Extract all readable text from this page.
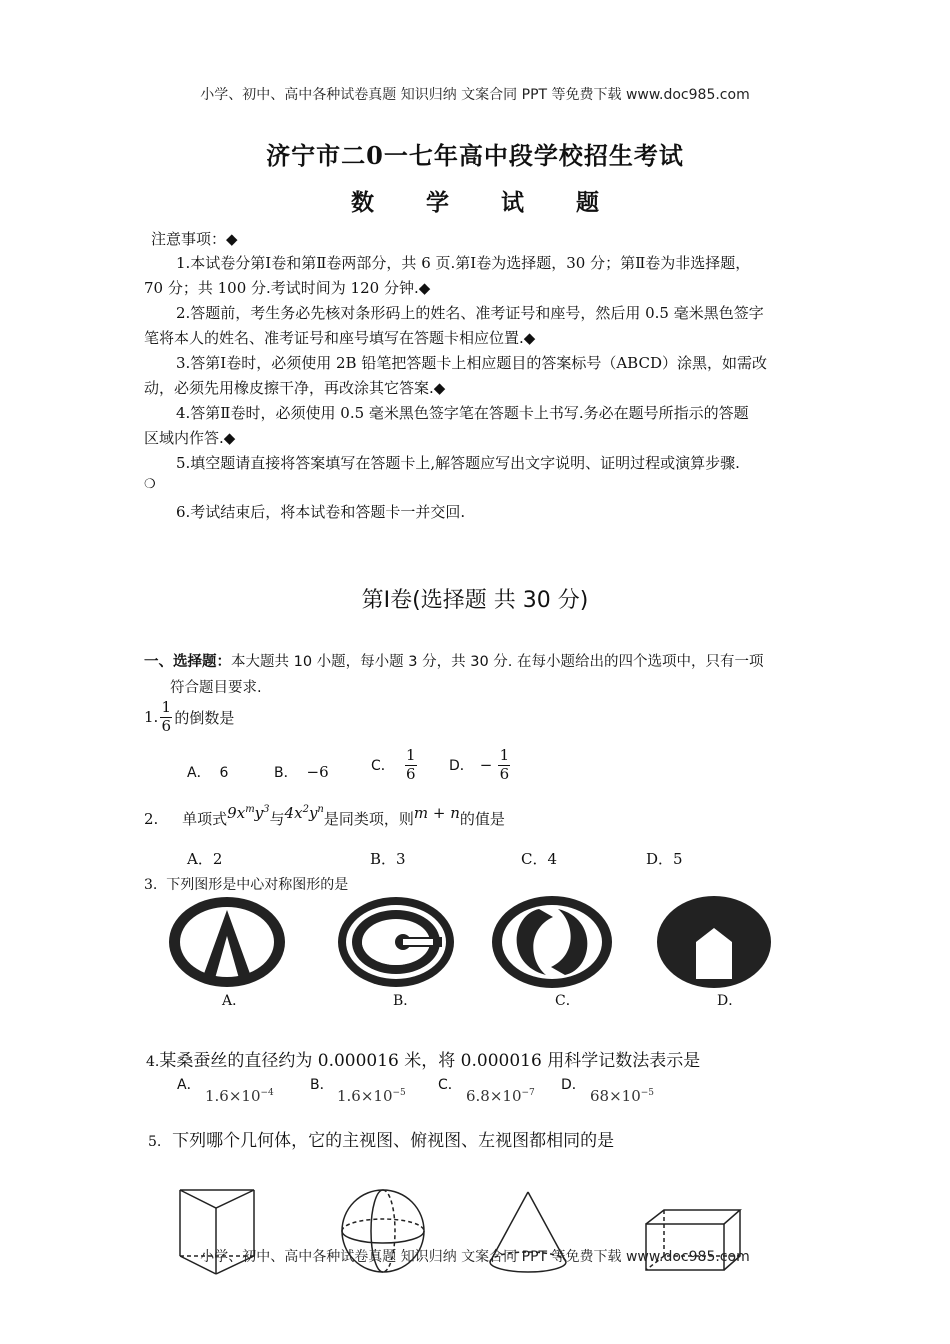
小学、初中、高中各种试卷真题 知识归纳 文案合同 PPT 等免费下载 www.doc985.com
济宁市二0一七年高中段学校招生考试
数 学 试 题
注意事项：◆
1.本试卷分第Ⅰ卷和第Ⅱ卷两部分，共 6 页.第Ⅰ卷为选择题，30 分；第Ⅱ卷为非选择题，
70 分；共 100 分.考试时间为 120 分钟.◆
2.答题前，考生务必先核对条形码上的姓名、准考证号和座号，然后用 0.5 毫米黑色签字
笔将本人的姓名、准考证号和座号填写在答题卡相应位置.◆
3.答第Ⅰ卷时，必须使用 2B 铅笔把答题卡上相应题目的答案标号（ABCD）涂黑，如需改
动，必须先用橡皮擦干净，再改涂其它答案.◆
4.答第Ⅱ卷时，必须使用 0.5 毫米黑色签字笔在答题卡上书写.务必在题号所指示的答题
区域内作答.◆
5.填空题请直接将答案填写在答题卡上,解答题应写出文字说明、证明过程或演算步骤.
❍
6.考试结束后，将本试卷和答题卡一并交回.
第Ⅰ卷(选择题 共 30 分)
一、选择题：本大题共 10 小题，每小题 3 分，共 30 分. 在每小题给出的四个选项中，只有一项
符合题目要求.
1. $\frac{1}{6}$ 的倒数是
A． 6	B． −6	C． $\frac{1}{6}$ D． − $\frac{1}{6}$
2. 单项式$9x^my^3$与$4x^2y^n$是同类项，则m + n的值是
A．2	B．3	C．4	D．5
3. 下列图形是中心对称图形的是
A．	B．	C．	D．
4.某桑蚕丝的直径约为 0.000016 米，将 0.000016 用科学记数法表示是
A．
$1.6\times 10^{-4}$	B．
$1.6\times 10^{-5}$ C．
$6.8\times 10^{-7}$ D．
$68\times 10^{-5}$
5. 下列哪个几何体，它的主视图、俯视图、左视图都相同的是
小学、初中、高中各种试卷真题 知识归纳 文案合同 PPT 等免费下载 www.doc985.com
